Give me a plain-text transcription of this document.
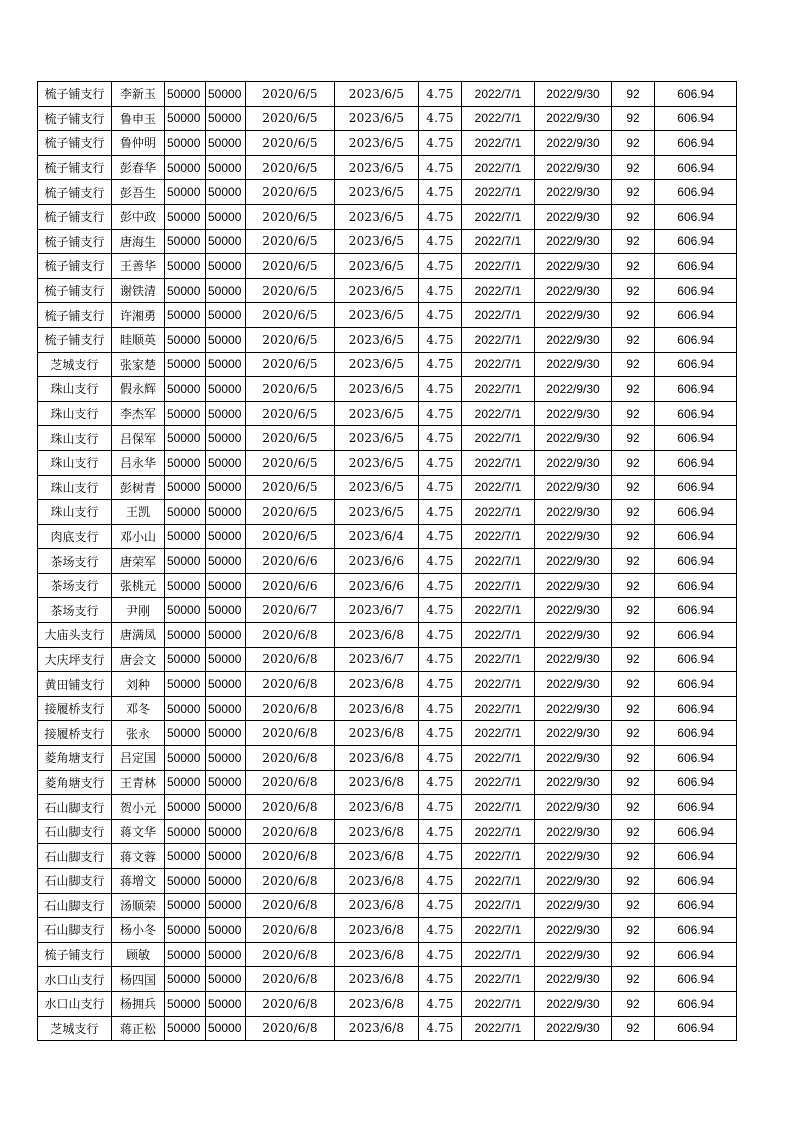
梳子铺支行	李新玉	50000	50000	2020/6/5	2023/6/5	4.75	2022/7/1	2022/9/30	92	606.94
梳子铺支行	鲁申玉	50000	50000	2020/6/5	2023/6/5	4.75	2022/7/1	2022/9/30	92	606.94
梳子铺支行	鲁仲明	50000	50000	2020/6/5	2023/6/5	4.75	2022/7/1	2022/9/30	92	606.94
梳子铺支行	彭春华	50000	50000	2020/6/5	2023/6/5	4.75	2022/7/1	2022/9/30	92	606.94
梳子铺支行	彭吾生	50000	50000	2020/6/5	2023/6/5	4.75	2022/7/1	2022/9/30	92	606.94
梳子铺支行	彭中政	50000	50000	2020/6/5	2023/6/5	4.75	2022/7/1	2022/9/30	92	606.94
梳子铺支行	唐海生	50000	50000	2020/6/5	2023/6/5	4.75	2022/7/1	2022/9/30	92	606.94
梳子铺支行	王善华	50000	50000	2020/6/5	2023/6/5	4.75	2022/7/1	2022/9/30	92	606.94
梳子铺支行	谢铁清	50000	50000	2020/6/5	2023/6/5	4.75	2022/7/1	2022/9/30	92	606.94
梳子铺支行	许湘勇	50000	50000	2020/6/5	2023/6/5	4.75	2022/7/1	2022/9/30	92	606.94
梳子铺支行	眭顺英	50000	50000	2020/6/5	2023/6/5	4.75	2022/7/1	2022/9/30	92	606.94
芝城支行	张家楚	50000	50000	2020/6/5	2023/6/5	4.75	2022/7/1	2022/9/30	92	606.94
珠山支行	假永辉	50000	50000	2020/6/5	2023/6/5	4.75	2022/7/1	2022/9/30	92	606.94
珠山支行	李杰军	50000	50000	2020/6/5	2023/6/5	4.75	2022/7/1	2022/9/30	92	606.94
珠山支行	吕保军	50000	50000	2020/6/5	2023/6/5	4.75	2022/7/1	2022/9/30	92	606.94
珠山支行	吕永华	50000	50000	2020/6/5	2023/6/5	4.75	2022/7/1	2022/9/30	92	606.94
珠山支行	彭树青	50000	50000	2020/6/5	2023/6/5	4.75	2022/7/1	2022/9/30	92	606.94
珠山支行	王凯	50000	50000	2020/6/5	2023/6/5	4.75	2022/7/1	2022/9/30	92	606.94
肉底支行	邓小山	50000	50000	2020/6/5	2023/6/4	4.75	2022/7/1	2022/9/30	92	606.94
茶场支行	唐荣军	50000	50000	2020/6/6	2023/6/6	4.75	2022/7/1	2022/9/30	92	606.94
茶场支行	张桃元	50000	50000	2020/6/6	2023/6/6	4.75	2022/7/1	2022/9/30	92	606.94
茶场支行	尹刚	50000	50000	2020/6/7	2023/6/7	4.75	2022/7/1	2022/9/30	92	606.94
大庙头支行	唐满凤	50000	50000	2020/6/8	2023/6/8	4.75	2022/7/1	2022/9/30	92	606.94
大庆坪支行	唐会文	50000	50000	2020/6/8	2023/6/7	4.75	2022/7/1	2022/9/30	92	606.94
黄田铺支行	刘种	50000	50000	2020/6/8	2023/6/8	4.75	2022/7/1	2022/9/30	92	606.94
接履桥支行	邓冬	50000	50000	2020/6/8	2023/6/8	4.75	2022/7/1	2022/9/30	92	606.94
接履桥支行	张永	50000	50000	2020/6/8	2023/6/8	4.75	2022/7/1	2022/9/30	92	606.94
菱角塘支行	吕定国	50000	50000	2020/6/8	2023/6/8	4.75	2022/7/1	2022/9/30	92	606.94
菱角塘支行	王青林	50000	50000	2020/6/8	2023/6/8	4.75	2022/7/1	2022/9/30	92	606.94
石山脚支行	贺小元	50000	50000	2020/6/8	2023/6/8	4.75	2022/7/1	2022/9/30	92	606.94
石山脚支行	蒋文华	50000	50000	2020/6/8	2023/6/8	4.75	2022/7/1	2022/9/30	92	606.94
石山脚支行	蒋文蓉	50000	50000	2020/6/8	2023/6/8	4.75	2022/7/1	2022/9/30	92	606.94
石山脚支行	蒋增文	50000	50000	2020/6/8	2023/6/8	4.75	2022/7/1	2022/9/30	92	606.94
石山脚支行	汤顺荣	50000	50000	2020/6/8	2023/6/8	4.75	2022/7/1	2022/9/30	92	606.94
石山脚支行	杨小冬	50000	50000	2020/6/8	2023/6/8	4.75	2022/7/1	2022/9/30	92	606.94
梳子铺支行	顾敏	50000	50000	2020/6/8	2023/6/8	4.75	2022/7/1	2022/9/30	92	606.94
水口山支行	杨四国	50000	50000	2020/6/8	2023/6/8	4.75	2022/7/1	2022/9/30	92	606.94
水口山支行	杨拥兵	50000	50000	2020/6/8	2023/6/8	4.75	2022/7/1	2022/9/30	92	606.94
芝城支行	蒋正松	50000	50000	2020/6/8	2023/6/8	4.75	2022/7/1	2022/9/30	92	606.94
